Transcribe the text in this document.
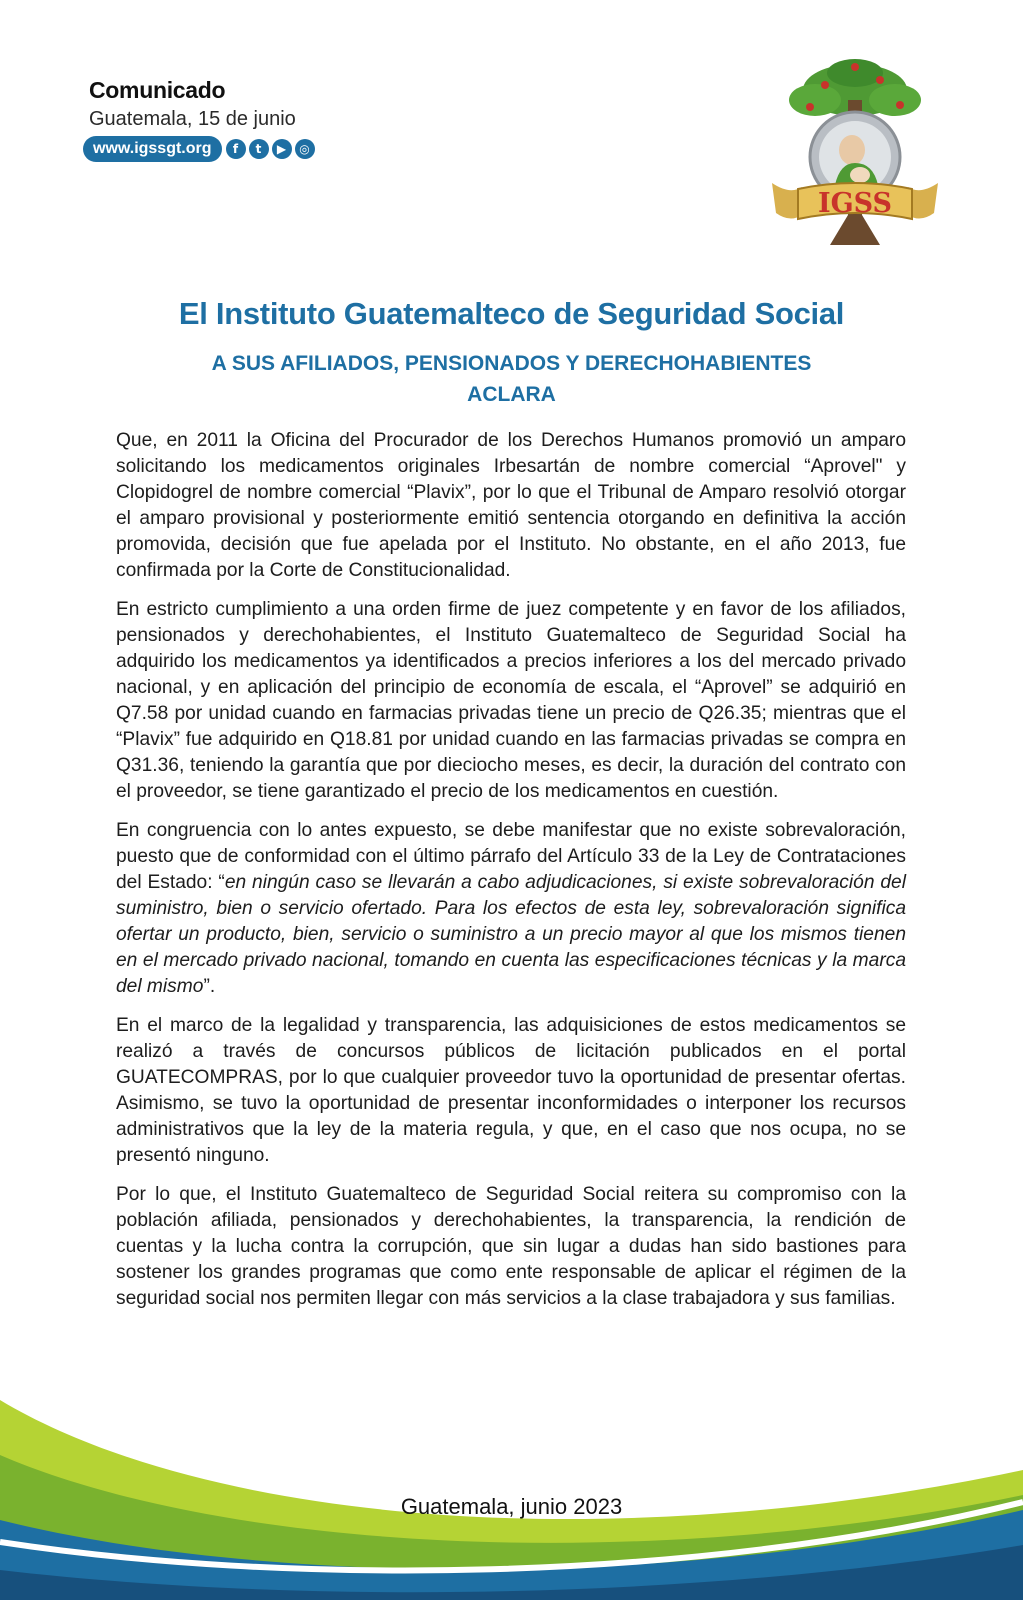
Comunicado
Guatemala, 15 de junio
www.igssgt.org	f	t	▶	◎
IGSS
El Instituto Guatemalteco de Seguridad Social
A SUS AFILIADOS, PENSIONADOS Y DERECHOHABIENTES
ACLARA

Que, en 2011 la Oficina del Procurador de los Derechos Humanos promovió un amparo solicitando los medicamentos originales Irbesartán de nombre comercial “Aprovel" y Clopidogrel de nombre comercial “Plavix”, por lo que el Tribunal de Amparo resolvió otorgar el amparo provisional y posteriormente emitió sentencia otorgando en definitiva la acción promovida, decisión que fue apelada por el Instituto. No obstante, en el año 2013, fue confirmada por la Corte de Constitucionalidad.

En estricto cumplimiento a una orden firme de juez competente y en favor de los afiliados, pensionados y derechohabientes, el Instituto Guatemalteco de Seguridad Social ha adquirido los medicamentos ya identificados a precios inferiores a los del mercado privado nacional, y en aplicación del principio de economía de escala, el “Aprovel” se adquirió en Q7.58 por unidad cuando en farmacias privadas tiene un precio de Q26.35; mientras que el “Plavix” fue adquirido en Q18.81 por unidad cuando en las farmacias privadas se compra en Q31.36, teniendo la garantía que por dieciocho meses, es decir, la duración del contrato con el proveedor, se tiene garantizado el precio de los medicamentos en cuestión.

En congruencia con lo antes expuesto, se debe manifestar que no existe sobrevaloración, puesto que de conformidad con el último párrafo del Artículo 33 de la Ley de Contrataciones del Estado: “en ningún caso se llevarán a cabo adjudicaciones, si existe sobrevaloración del suministro, bien o servicio ofertado. Para los efectos de esta ley, sobrevaloración significa ofertar un producto, bien, servicio o suministro a un precio mayor al que los mismos tienen en el mercado privado nacional, tomando en cuenta las especificaciones técnicas y la marca del mismo”.

En el marco de la legalidad y transparencia, las adquisiciones de estos medicamentos se realizó a través de concursos públicos de licitación publicados en el portal GUATECOMPRAS, por lo que cualquier proveedor tuvo la oportunidad de presentar ofertas. Asimismo, se tuvo la oportunidad de presentar inconformidades o interponer los recursos administrativos que la ley de la materia regula, y que, en el caso que nos ocupa, no se presentó ninguno.

Por lo que, el Instituto Guatemalteco de Seguridad Social reitera su compromiso con la población afiliada, pensionados y derechohabientes, la transparencia, la rendición de cuentas y la lucha contra la corrupción, que sin lugar a dudas han sido bastiones para sostener los grandes programas que como ente responsable de aplicar el régimen de la seguridad social nos permiten llegar con más servicios a la clase trabajadora y sus familias.

Guatemala, junio 2023
